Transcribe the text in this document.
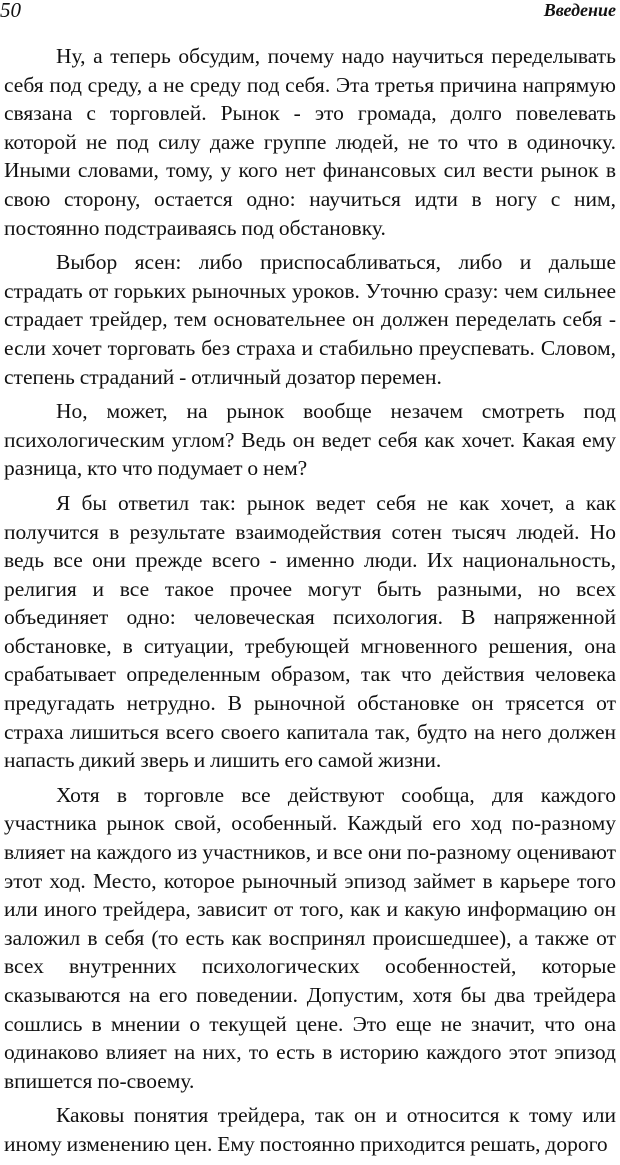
50	Введение

Ну, а теперь обсудим, почему надо научиться переделывать себя под среду, а не среду под себя. Эта третья причина напрямую связана с торговлей. Рынок - это громада, долго повелевать которой не под силу даже группе людей, не то что в одиночку. Иными словами, тому, у кого нет финансовых сил вести рынок в свою сторону, остается одно: научиться идти в ногу с ним, постоянно подстраиваясь под обстановку.

Выбор ясен: либо приспосабливаться, либо и дальше страдать от горьких рыночных уроков. Уточню сразу: чем сильнее страдает трейдер, тем основательнее он должен переделать себя - если хочет торговать без страха и стабильно преуспевать. Словом, степень страданий - отличный дозатор перемен.

Но, может, на рынок вообще незачем смотреть под психологическим углом? Ведь он ведет себя как хочет. Какая ему разница, кто что подумает о нем?

Я бы ответил так: рынок ведет себя не как хочет, а как получится в результате взаимодействия сотен тысяч людей. Но ведь все они прежде всего - именно люди. Их национальность, религия и все такое прочее могут быть разными, но всех объединяет одно: человеческая психология. В напряженной обстановке, в ситуации, требующей мгновенного решения, она срабатывает определенным образом, так что действия человека предугадать нетрудно. В рыночной обстановке он трясется от страха лишиться всего своего капитала так, будто на него должен напасть дикий зверь и лишить его самой жизни.

Хотя в торговле все действуют сообща, для каждого участника рынок свой, особенный. Каждый его ход по-разному влияет на каждого из участников, и все они по-разному оценивают этот ход. Место, которое рыночный эпизод займет в карьере того или иного трейдера, зависит от того, как и какую информацию он заложил в себя (то есть как воспринял происшедшее), а также от всех внутренних психологических особенностей, которые сказываются на его поведении. Допустим, хотя бы два трейдера сошлись в мнении о текущей цене. Это еще не значит, что она одинаково влияет на них, то есть в историю каждого этот эпизод впишется по-своему.

Каковы понятия трейдера, так он и относится к тому или иному изменению цен. Ему постоянно приходится решать, дорого
